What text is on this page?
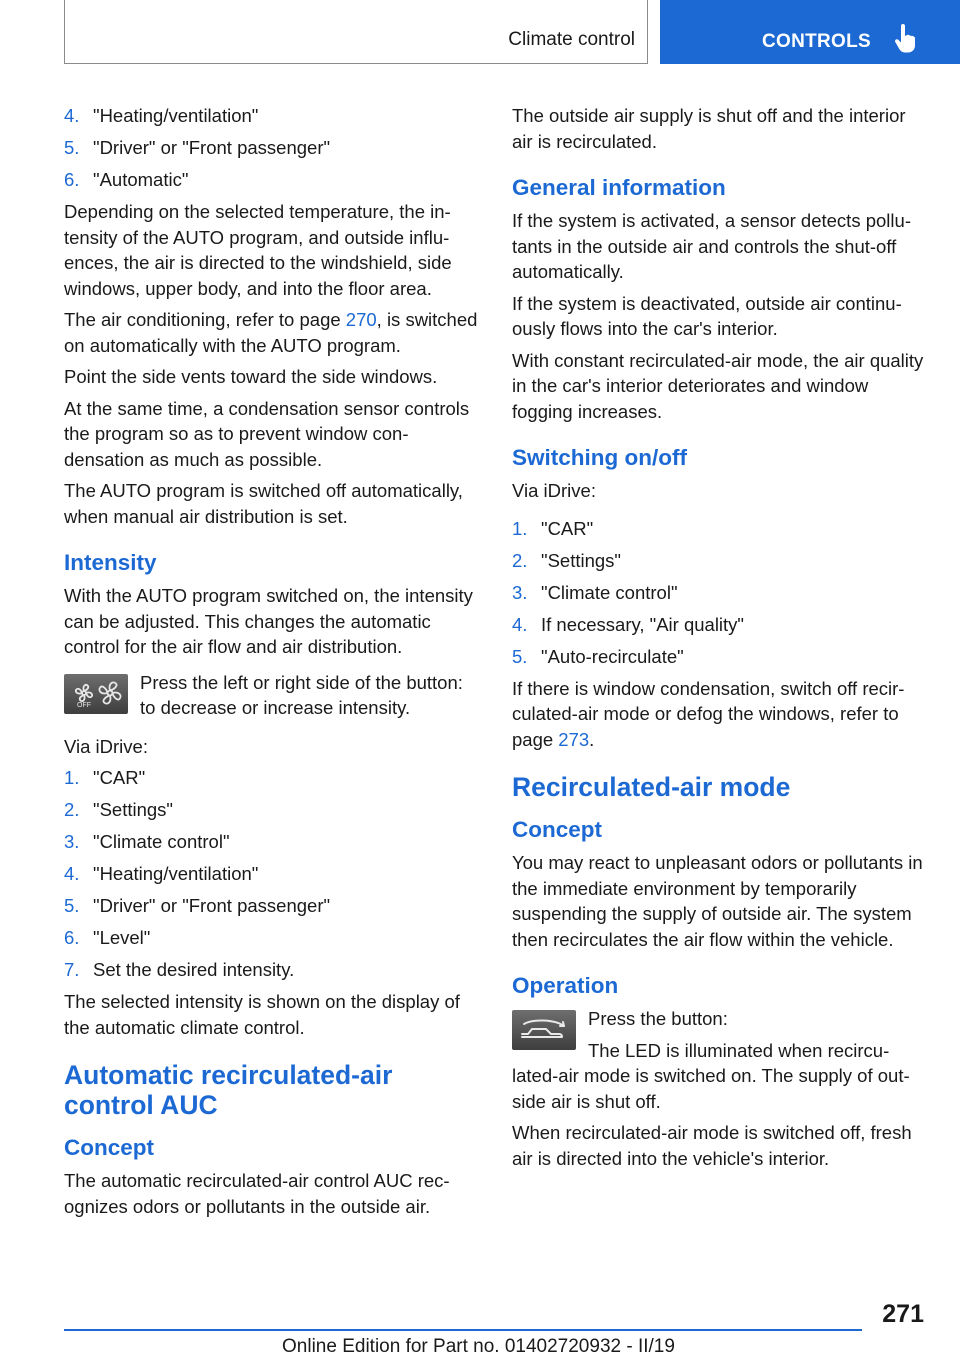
Climate control	CONTROLS
4. "Heating/ventilation"
5. "Driver" or "Front passenger"
6. "Automatic"

Depending on the selected temperature, the intensity of the AUTO program, and outside influences, the air is directed to the windshield, side windows, upper body, and into the floor area.

The air conditioning, refer to page 270, is switched on automatically with the AUTO program.

Point the side vents toward the side windows.

At the same time, a condensation sensor controls the program so as to prevent window condensation as much as possible.

The AUTO program is switched off automatically, when manual air distribution is set.

Intensity

With the AUTO program switched on, the intensity can be adjusted. This changes the automatic control for the air flow and air distribution.

OFF
Press the left or right side of the button: to decrease or increase intensity.

Via iDrive:

1. "CAR"
2. "Settings"
3. "Climate control"
4. "Heating/ventilation"
5. "Driver" or "Front passenger"
6. "Level"
7. Set the desired intensity.

The selected intensity is shown on the display of the automatic climate control.

Automatic recirculated-air control AUC
Concept

The automatic recirculated-air control AUC recognizes odors or pollutants in the outside air.

The outside air supply is shut off and the interior air is recirculated.

General information

If the system is activated, a sensor detects pollutants in the outside air and controls the shut-off automatically.

If the system is deactivated, outside air continuously flows into the car's interior.

With constant recirculated-air mode, the air quality in the car's interior deteriorates and window fogging increases.

Switching on/off

Via iDrive:

1. "CAR"
2. "Settings"
3. "Climate control"
4. If necessary, "Air quality"
5. "Auto-recirculate"

If there is window condensation, switch off recirculated-air mode or defog the windows, refer to page 273.

Recirculated-air mode
Concept

You may react to unpleasant odors or pollutants in the immediate environment by temporarily suspending the supply of outside air. The system then recirculates the air flow within the vehicle.

Operation

Press the button:

The LED is illuminated when recirculated-air mode is switched on. The supply of outside air is shut off.

When recirculated-air mode is switched off, fresh air is directed into the vehicle's interior.

271
Online Edition for Part no. 01402720932 - II/19
